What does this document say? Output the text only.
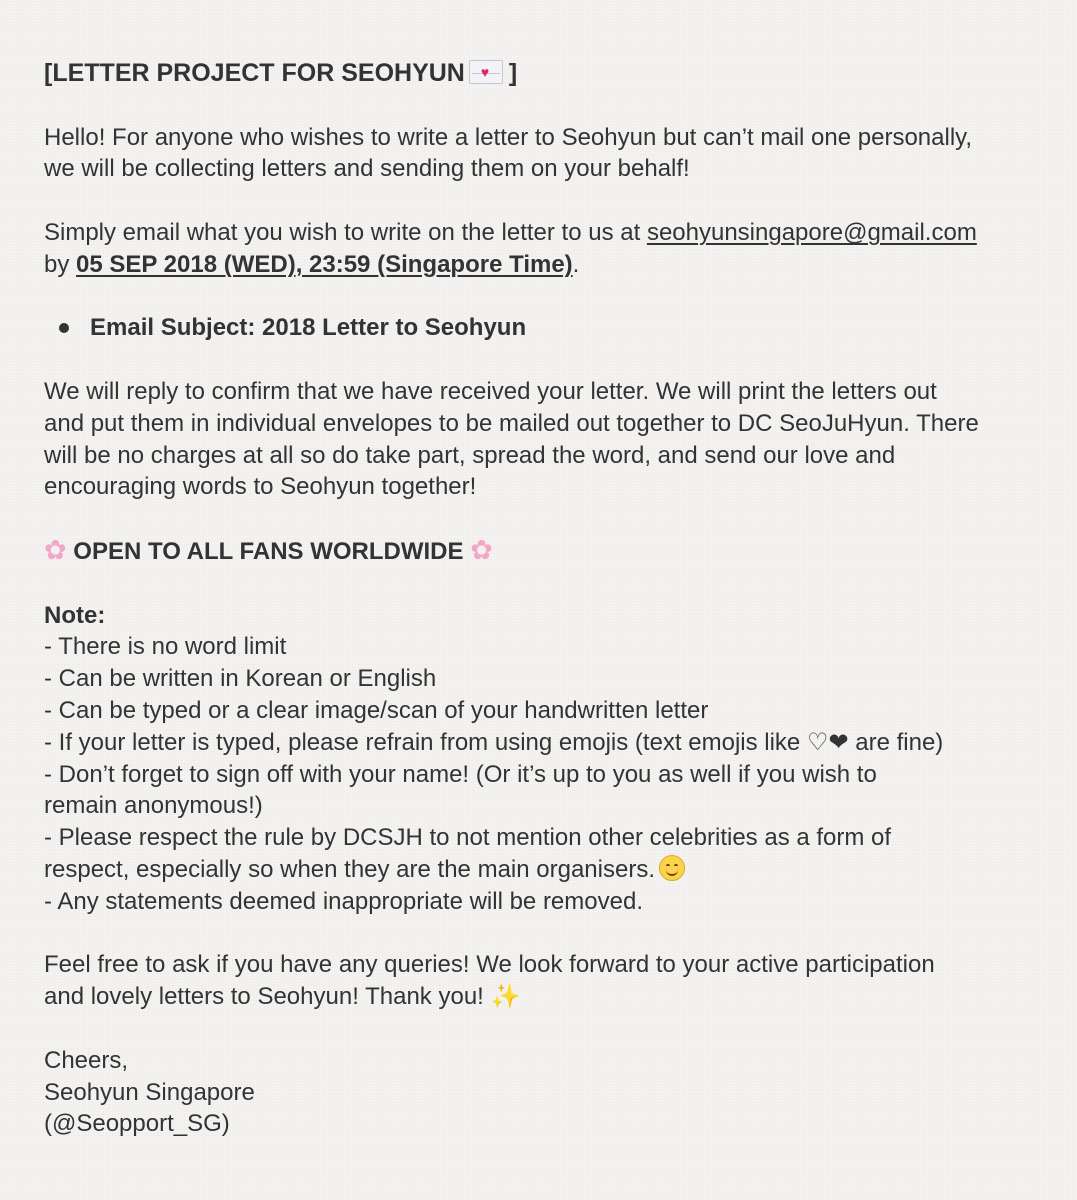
[LETTER PROJECT FOR SEOHYUN ♥ ]

Hello! For anyone who wishes to write a letter to Seohyun but can’t mail one personally,
we will be collecting letters and sending them on your behalf!

Simply email what you wish to write on the letter to us at seohyunsingapore@gmail.com
by 05 SEP 2018 (WED), 23:59 (Singapore Time).

Email Subject: 2018 Letter to Seohyun

We will reply to confirm that we have received your letter. We will print the letters out
and put them in individual envelopes to be mailed out together to DC SeoJuHyun. There
will be no charges at all so do take part, spread the word, and send our love and
encouraging words to Seohyun together!

✿ OPEN TO ALL FANS WORLDWIDE ✿

Note:

- There is no word limit
- Can be written in Korean or English
- Can be typed or a clear image/scan of your handwritten letter
- If your letter is typed, please refrain from using emojis (text emojis like ♡❤ are fine)
- Don’t forget to sign off with your name! (Or it’s up to you as well if you wish to
remain anonymous!)
- Please respect the rule by DCSJH to not mention other celebrities as a form of
respect, especially so when they are the main organisers.

- Any statements deemed inappropriate will be removed.

Feel free to ask if you have any queries! We look forward to your active participation
and lovely letters to Seohyun! Thank you! ✨

Cheers,
Seohyun Singapore
(@Seopport_SG)
